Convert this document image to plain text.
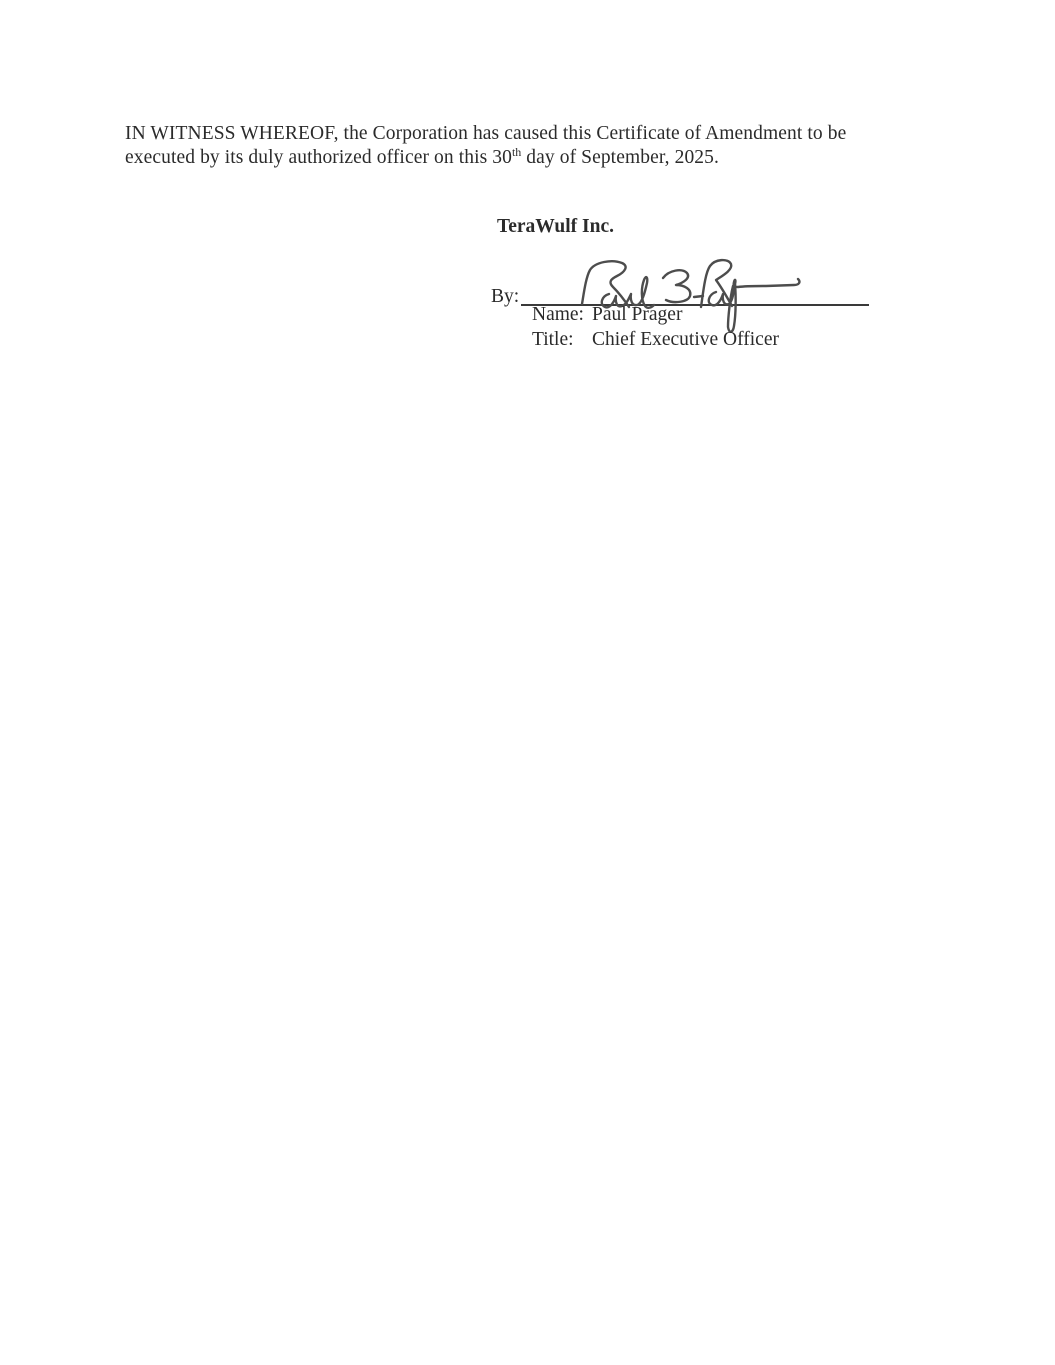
IN WITNESS WHEREOF, the Corporation has caused this Certificate of Amendment to be
executed by its duly authorized officer on this 30th day of September, 2025.
TeraWulf Inc.
By:
Name: Paul Prager
Title: Chief Executive Officer
